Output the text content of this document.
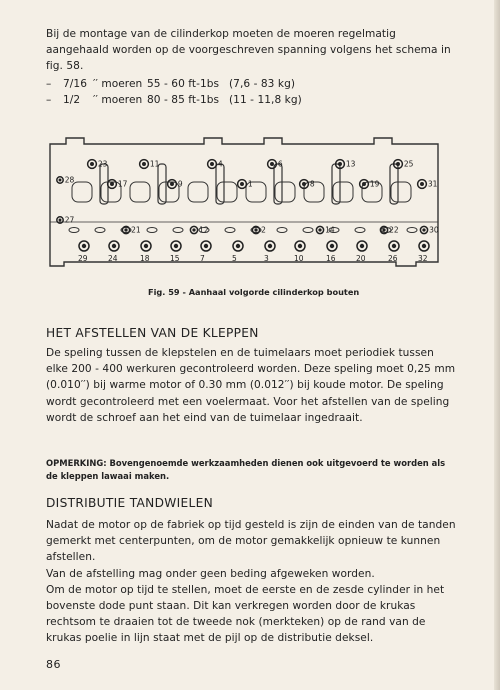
Bij de montage van de cilinderkop moeten de moeren regelmatig aangehaald worden op de voorgeschreven spanning volgens het schema in fig. 58.

–	7/16 ′′ moeren 55 - 60 ft-1bs (7,6 - 83 kg)
–	1/2	′′ moeren 80 - 85 ft-1bs (11 - 11,8 kg)
23
17
11
9
4
1
6
8
13
19
25
31
21	12	2	14	22	30
28
27
29	24	18	15	7	5	3	10	16	20	26	32
Fig. 59 - Aanhaal volgorde cilinderkop bouten
HET AFSTELLEN VAN DE KLEPPEN

De speling tussen de klepstelen en de tuimelaars moet periodiek tussen elke 200 - 400 werkuren gecontroleerd worden. Deze speling moet 0,25 mm (0.010′′) bij warme motor of 0.30 mm (0.012′′) bij koude motor. De speling wordt gecontroleerd met een voelermaat. Voor het afstellen van de speling wordt de schroef aan het eind van de tuimelaar ingedraait.

OPMERKING: Bovengenoemde werkzaamheden dienen ook uitgevoerd te worden als de kleppen lawaai maken.
DISTRIBUTIE TANDWIELEN

Nadat de motor op de fabriek op tijd gesteld is zijn de einden van de tanden gemerkt met centerpunten, om de motor gemakkelijk opnieuw te kunnen afstellen.

Van de afstelling mag onder geen beding afgeweken worden.

Om de motor op tijd te stellen, moet de eerste en de zesde cylinder in het bovenste dode punt staan. Dit kan verkregen worden door de krukas rechtsom te draaien tot de tweede nok (merkteken) op de rand van de krukas poelie in lijn staat met de pijl op de distributie deksel.

86
